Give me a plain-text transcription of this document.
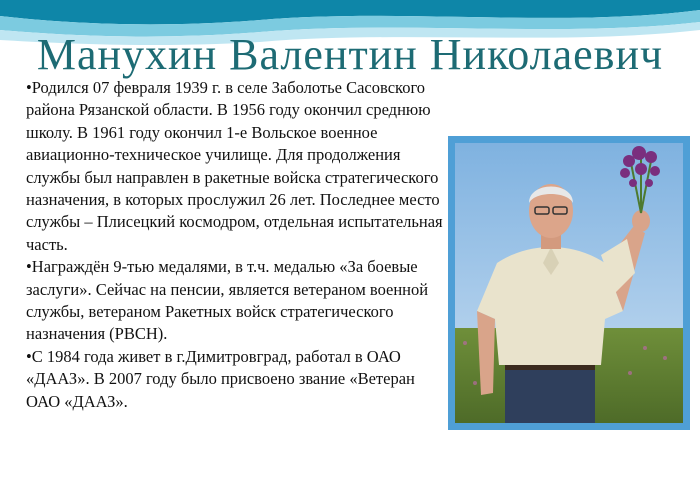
Манухин Валентин Николаевич
•Родился 07 февраля 1939 г. в селе Заболотье Сасовского района Рязанской области. В 1956 году окончил среднюю школу. В 1961 году окончил 1-е Вольское военное авиационно-техническое училище. Для продолжения службы был направлен в ракетные войска стратегического назначения, в которых прослужил 26 лет. Последнее место службы – Плисецкий космодром, отдельная испытательная часть.
•Награждён 9-тью медалями, в т.ч. медалью «За боевые заслуги». Сейчас на пенсии, является ветераном военной службы, ветераном Ракетных войск стратегического назначения (РВСН).
•С 1984 года живет в г.Димитровград, работал в ОАО «ДААЗ». В 2007 году было присвоено звание «Ветеран ОАО «ДААЗ».
